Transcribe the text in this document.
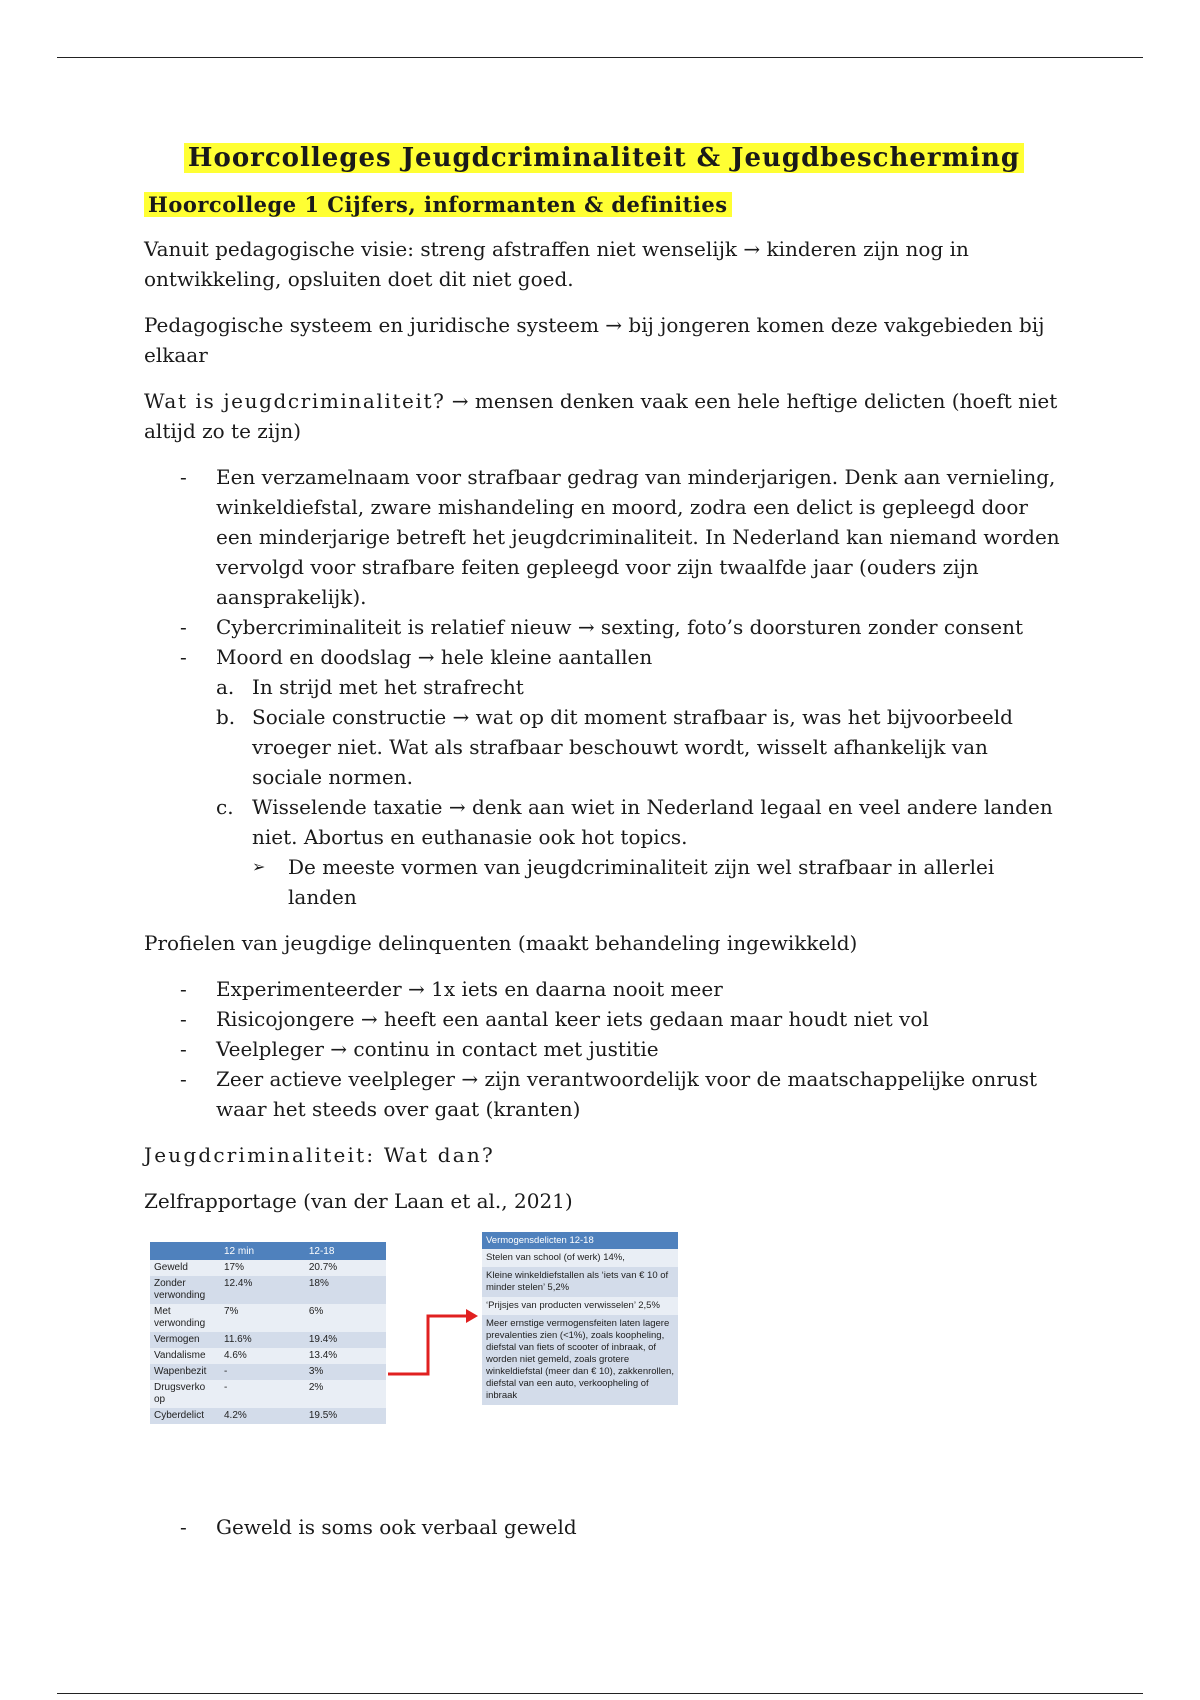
Hoorcolleges Jeugdcriminaliteit & Jeugdbescherming
Hoorcollege 1 Cijfers, informanten & definities

Vanuit pedagogische visie: streng afstraffen niet wenselijk → kinderen zijn nog in ontwikkeling, opsluiten doet dit niet goed.

Pedagogische systeem en juridische systeem → bij jongeren komen deze vakgebieden bij elkaar

Wat is jeugdcriminaliteit? → mensen denken vaak een hele heftige delicten (hoeft niet altijd zo te zijn)

- Een verzamelnaam voor strafbaar gedrag van minderjarigen. Denk aan vernieling, winkeldiefstal, zware mishandeling en moord, zodra een delict is gepleegd door een minderjarige betreft het jeugdcriminaliteit. In Nederland kan niemand worden vervolgd voor strafbare feiten gepleegd voor zijn twaalfde jaar (ouders zijn aansprakelijk).
- Cybercriminaliteit is relatief nieuw → sexting, foto’s doorsturen zonder consent
- Moord en doodslag → hele kleine aantallen
a. In strijd met het strafrecht
b. Sociale constructie → wat op dit moment strafbaar is, was het bijvoorbeeld vroeger niet. Wat als strafbaar beschouwt wordt, wisselt afhankelijk van sociale normen.
c. Wisselende taxatie → denk aan wiet in Nederland legaal en veel andere landen niet. Abortus en euthanasie ook hot topics.
➢ De meeste vormen van jeugdcriminaliteit zijn wel strafbaar in allerlei landen

Profielen van jeugdige delinquenten (maakt behandeling ingewikkeld)

- Experimenteerder → 1x iets en daarna nooit meer
- Risicojongere → heeft een aantal keer iets gedaan maar houdt niet vol
- Veelpleger → continu in contact met justitie
- Zeer actieve veelpleger → zijn verantwoordelijk voor de maatschappelijke onrust waar het steeds over gaat (kranten)
Jeugdcriminaliteit: Wat dan?

Zelfrapportage (van der Laan et al., 2021)

	12 min	12-18
Geweld	17%	20.7%
Zonder verwonding	12.4%	18%
Met verwonding	7%	6%
Vermogen	11.6%	19.4%
Vandalisme	4.6%	13.4%
Wapenbezit	-	3%
Drugsverko op	-	2%
Cyberdelict	4.2%	19.5%
Vermogensdelicten 12-18
Stelen van school (of werk) 14%,
Kleine winkeldiefstallen als ‘iets van € 10 of minder stelen’ 5,2%
‘Prijsjes van producten verwisselen’ 2,5%
Meer ernstige vermogensfeiten laten lagere prevalenties zien (<1%), zoals koopheling, diefstal van fiets of scooter of inbraak, of worden niet gemeld, zoals grotere winkeldiefstal (meer dan € 10), zakkenrollen, diefstal van een auto, verkoopheling of inbraak
- Geweld is soms ook verbaal geweld
